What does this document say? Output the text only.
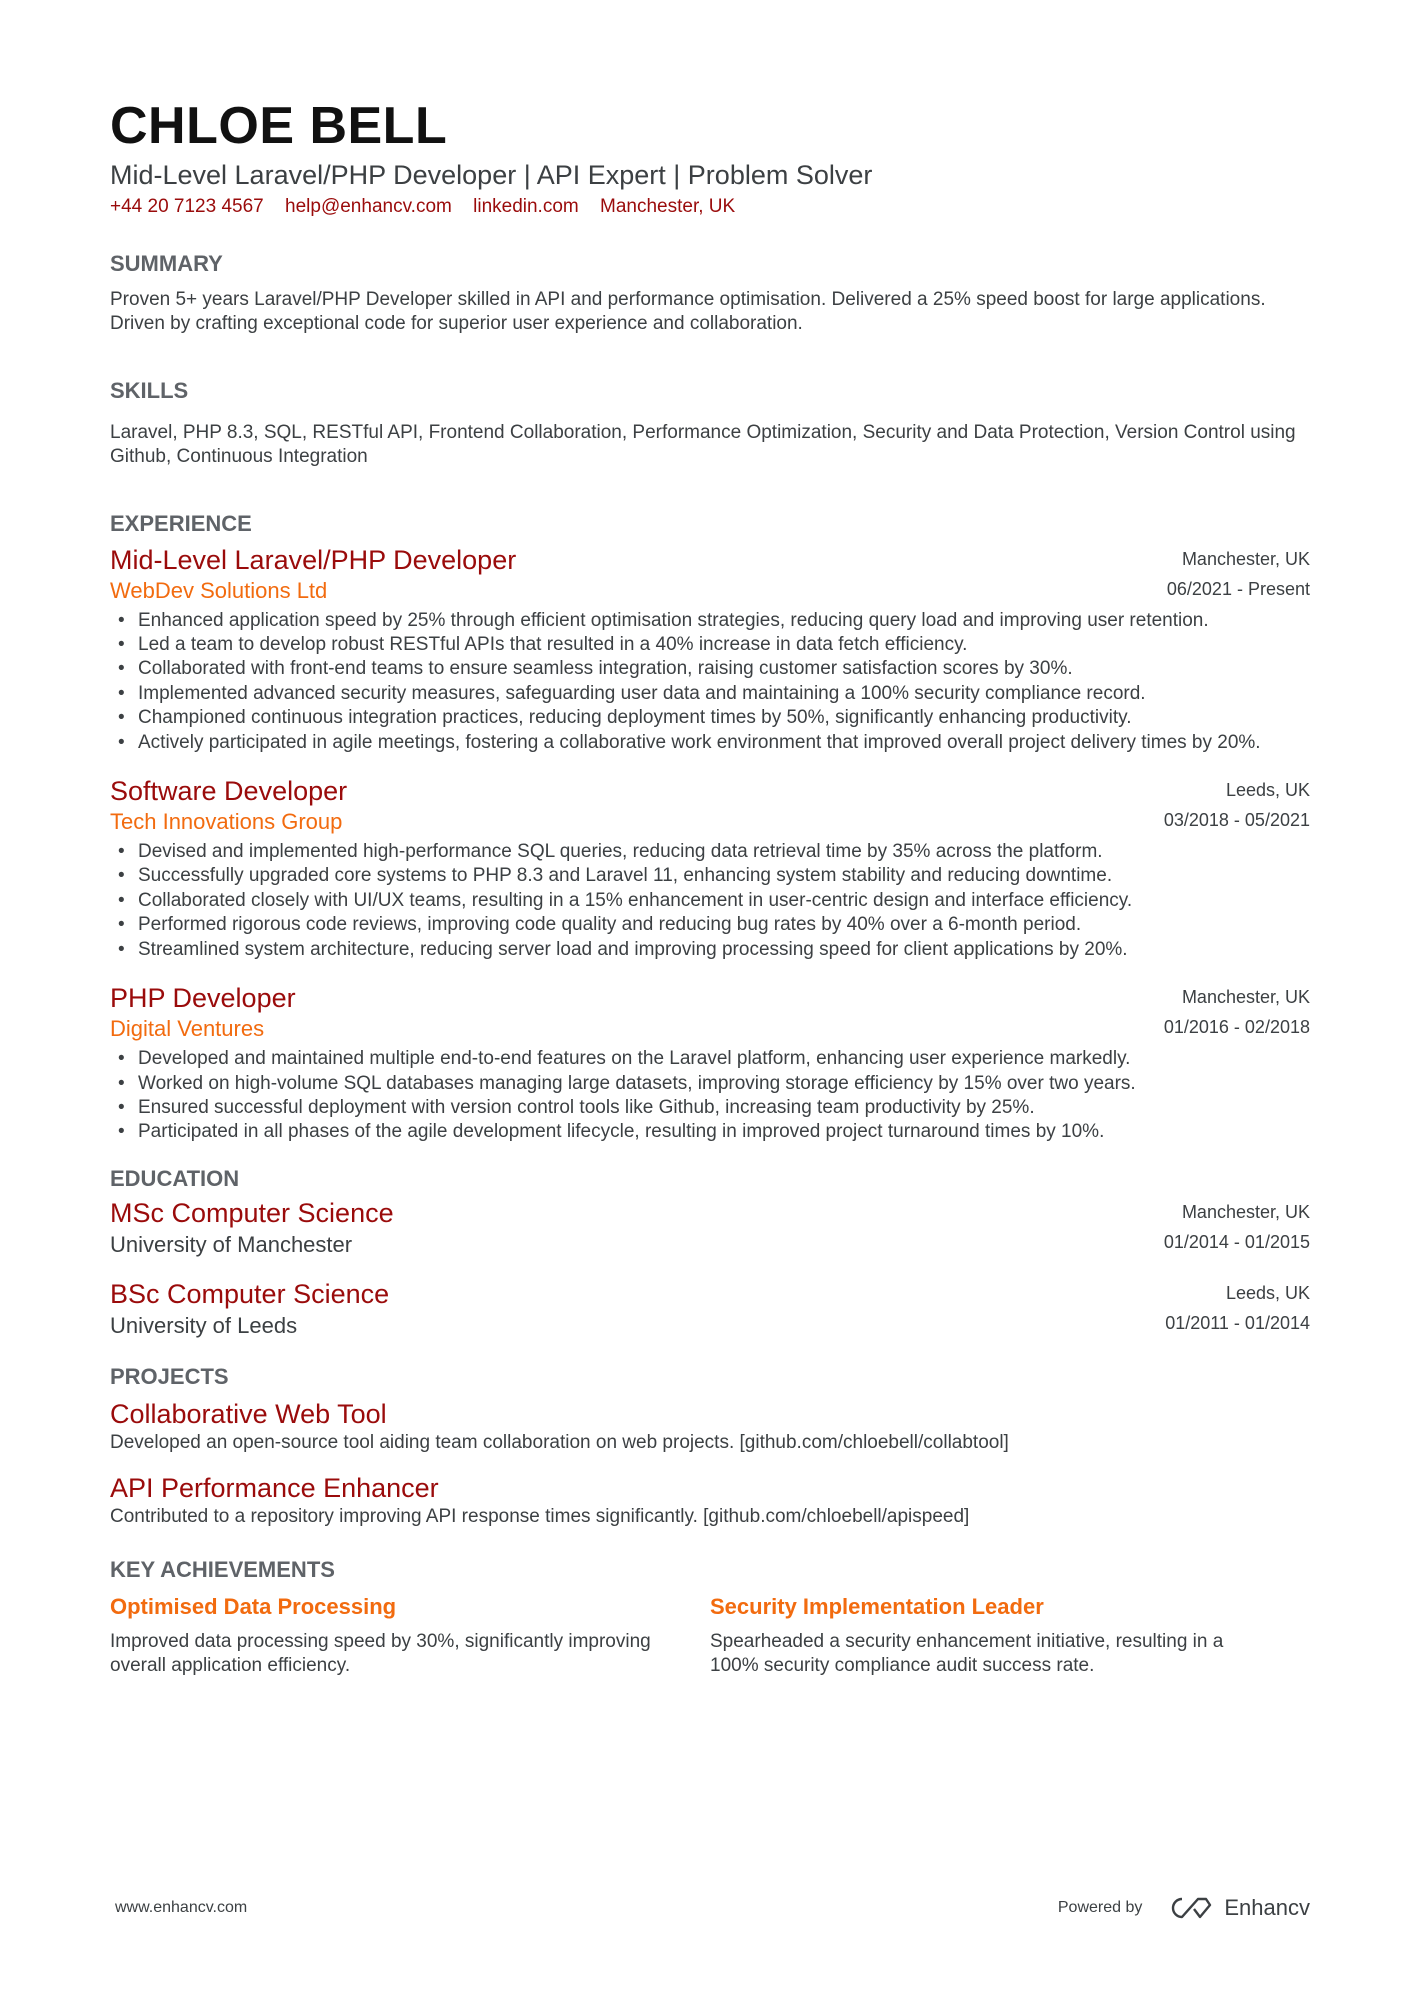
CHLOE BELL
Mid-Level Laravel/PHP Developer | API Expert | Problem Solver
+44 20 7123 4567 help@enhancv.com linkedin.com Manchester, UK
SUMMARY
Proven 5+ years Laravel/PHP Developer skilled in API and performance optimisation. Delivered a 25% speed boost for large applications. Driven by crafting exceptional code for superior user experience and collaboration.
SKILLS
Laravel, PHP 8.3, SQL, RESTful API, Frontend Collaboration, Performance Optimization, Security and Data Protection, Version Control using Github, Continuous Integration
EXPERIENCE
Mid-Level Laravel/PHP Developer
WebDev Solutions Ltd
Manchester, UK
06/2021 - Present
• Enhanced application speed by 25% through efficient optimisation strategies, reducing query load and improving user retention.
• Led a team to develop robust RESTful APIs that resulted in a 40% increase in data fetch efficiency.
• Collaborated with front-end teams to ensure seamless integration, raising customer satisfaction scores by 30%.
• Implemented advanced security measures, safeguarding user data and maintaining a 100% security compliance record.
• Championed continuous integration practices, reducing deployment times by 50%, significantly enhancing productivity.
• Actively participated in agile meetings, fostering a collaborative work environment that improved overall project delivery times by 20%.
Software Developer
Tech Innovations Group
Leeds, UK
03/2018 - 05/2021
• Devised and implemented high-performance SQL queries, reducing data retrieval time by 35% across the platform.
• Successfully upgraded core systems to PHP 8.3 and Laravel 11, enhancing system stability and reducing downtime.
• Collaborated closely with UI/UX teams, resulting in a 15% enhancement in user-centric design and interface efficiency.
• Performed rigorous code reviews, improving code quality and reducing bug rates by 40% over a 6-month period.
• Streamlined system architecture, reducing server load and improving processing speed for client applications by 20%.
PHP Developer
Digital Ventures
Manchester, UK
01/2016 - 02/2018
• Developed and maintained multiple end-to-end features on the Laravel platform, enhancing user experience markedly.
• Worked on high-volume SQL databases managing large datasets, improving storage efficiency by 15% over two years.
• Ensured successful deployment with version control tools like Github, increasing team productivity by 25%.
• Participated in all phases of the agile development lifecycle, resulting in improved project turnaround times by 10%.
EDUCATION
MSc Computer Science
University of Manchester
Manchester, UK
01/2014 - 01/2015
BSc Computer Science
University of Leeds
Leeds, UK
01/2011 - 01/2014
PROJECTS
Collaborative Web Tool
Developed an open-source tool aiding team collaboration on web projects. [github.com/chloebell/collabtool]
API Performance Enhancer
Contributed to a repository improving API response times significantly. [github.com/chloebell/apispeed]
KEY ACHIEVEMENTS
Optimised Data Processing
Improved data processing speed by 30%, significantly improving overall application efficiency.
Security Implementation Leader
Spearheaded a security enhancement initiative, resulting in a 100% security compliance audit success rate.
www.enhancv.com	Powered by	Enhancv
